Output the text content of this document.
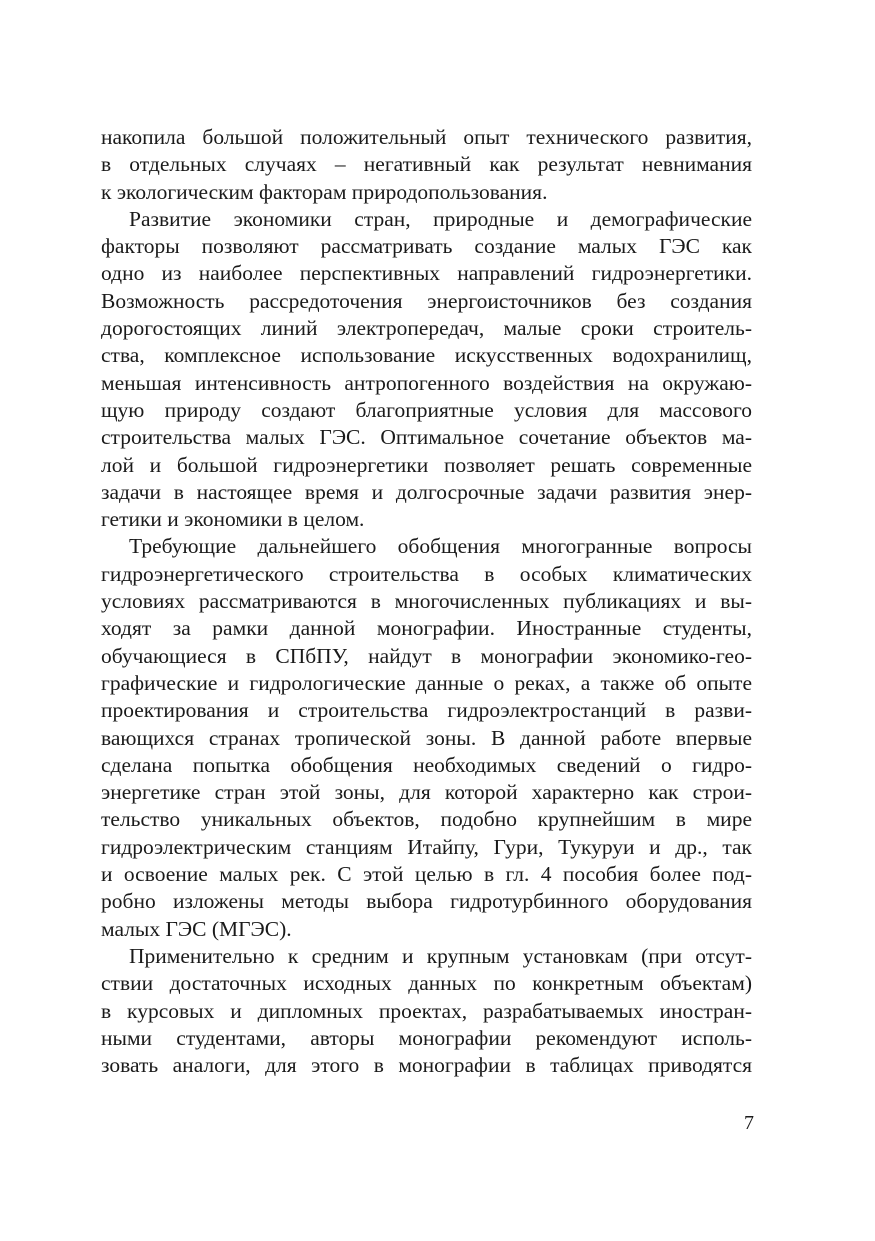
накопила большой положительный опыт технического развития,
в отдельных случаях – негативный как результат невнимания
к экологическим факторам природопользования.
Развитие экономики стран, природные и демографические
факторы позволяют рассматривать создание малых ГЭС как
одно из наиболее перспективных направлений гидроэнергетики.
Возможность рассредоточения энергоисточников без создания
дорогостоящих линий электропередач, малые сроки строитель-
ства, комплексное использование искусственных водохранилищ,
меньшая интенсивность антропогенного воздействия на окружаю-
щую природу создают благоприятные условия для массового
строительства малых ГЭС. Оптимальное сочетание объектов ма-
лой и большой гидроэнергетики позволяет решать современные
задачи в настоящее время и долгосрочные задачи развития энер-
гетики и экономики в целом.
Требующие дальнейшего обобщения многогранные вопросы
гидроэнергетического строительства в особых климатических
условиях рассматриваются в многочисленных публикациях и вы-
ходят за рамки данной монографии. Иностранные студенты,
обучающиеся в СПбПУ, найдут в монографии экономико-гео-
графические и гидрологические данные о реках, а также об опыте
проектирования и строительства гидроэлектростанций в разви-
вающихся странах тропической зоны. В данной работе впервые
сделана попытка обобщения необходимых сведений о гидро-
энергетике стран этой зоны, для которой характерно как строи-
тельство уникальных объектов, подобно крупнейшим в мире
гидроэлектрическим станциям Итайпу, Гури, Тукуруи и др., так
и освоение малых рек. С этой целью в гл. 4 пособия более под-
робно изложены методы выбора гидротурбинного оборудования
малых ГЭС (МГЭС).
Применительно к средним и крупным установкам (при отсут-
ствии достаточных исходных данных по конкретным объектам)
в курсовых и дипломных проектах, разрабатываемых иностран-
ными студентами, авторы монографии рекомендуют исполь-
зовать аналоги, для этого в монографии в таблицах приводятся
7
